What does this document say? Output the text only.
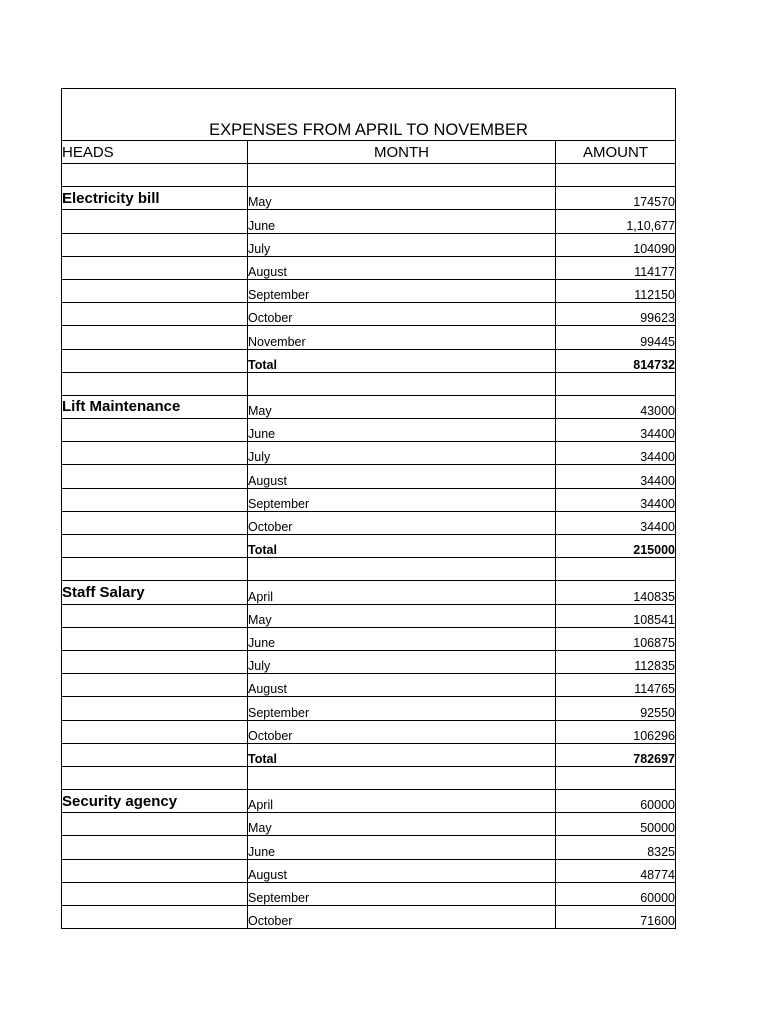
EXPENSES FROM APRIL TO NOVEMBER		
HEADS	MONTH	AMOUNT

Electricity bill	May	174570
	June	1,10,677
	July	104090
	August	114177
	September	112150
	October	99623
	November	99445
	Total	814732

Lift Maintenance	May	43000
	June	34400
	July	34400
	August	34400
	September	34400
	October	34400
	Total	215000

Staff Salary	April	140835
	May	108541
	June	106875
	July	112835
	August	114765
	September	92550
	October	106296
	Total	782697

Security agency	April	60000
	May	50000
	June	8325
	August	48774
	September	60000
	October	71600
